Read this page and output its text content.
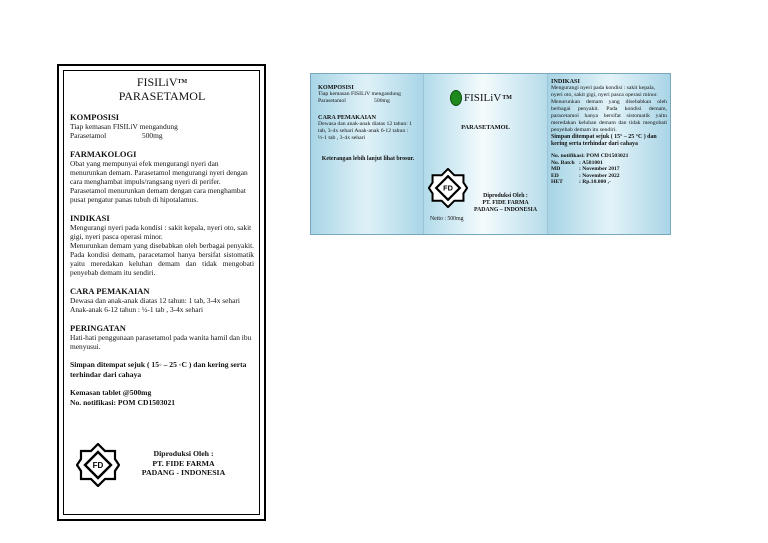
FISILiV™
PARASETAMOL
KOMPOSISI
Tiap kemasan FISILiV mengandung
Parasetamol	500mg
FARMAKOLOGI
Obat yang mempunyai efek mengurangi nyeri dan menurunkan demam. Parasetamol mengurangi nyeri dengan cara menghambat impuls/rangsang nyeri di perifer. Parasetamol menurunkan demam dengan cara menghambat pusat pengatur panas tubuh di hipotalamus.
INDIKASI
Mengurangi nyeri pada kondisi : sakit kepala, nyeri oto, sakit gigi, nyeri pasca operasi minor.
Menurunkan demam yang disebabkan oleh berbagai penyakit. Pada kondisi demam, paracetamol hanya bersifat sistomatik yaitu meredakan keluhan demam dan tidak mengobati penyebab demam itu sendiri.
CARA PEMAKAIAN
Dewasa dan anak-anak diatas 12 tahun: 1 tab, 3-4x sehari
Anak-anak 6-12 tahun : ½-1 tab , 3-4x sehari
PERINGATAN
Hati-hati penggunaan parasetamol pada wanita hamil dan ibu menyusui.
Simpan ditempat sejuk ( 15◦ – 25 ◦C ) dan kering serta terhindar dari cahaya
Kemasan tablet @500mg
No. notifikasi: POM CD1503021
FD
Diproduksi Oleh :
PT. FIDE FARMA
PADANG - INDONESIA
KOMPOSISI
Tiap kemasan FISILiV mengandung
Parasetamol	500mg
CARA PEMAKAIAN
Dewasa dan anak-anak diatas 12 tahun: 1 tab, 3-4x sehari Anak-anak 6-12 tahun : ½-1 tab , 3-4x sehari
Keterangan lebih lanjut lihat brosur.
FISILiV TM
PARASETAMOL
FD
Diproduksi Oleh :
PT. FIDE FARMA
PADANG – INDONESIA
Netto : 500mg
INDIKASI
Mengurangi nyeri pada kondisi : sakit kepala, nyeri oto, sakit gigi, nyeri pasca operasi minor.
Menurunkan demam yang disebabkan oleh berbagai penyakit. Pada kondisi demam, paracetamol hanya bersifat sistomatik yaitu meredakan keluhan demam dan tidak mengobati penyebab demam itu sendiri.
Simpan ditempat sejuk ( 15° – 25 °C ) dan kering serta terhindar dari cahaya
No. notifikasi: POM CD1503021
No. Batch : A581001
MD	: November 2017
ED	: November 2022
HET	: Rp.10.000 ,-
